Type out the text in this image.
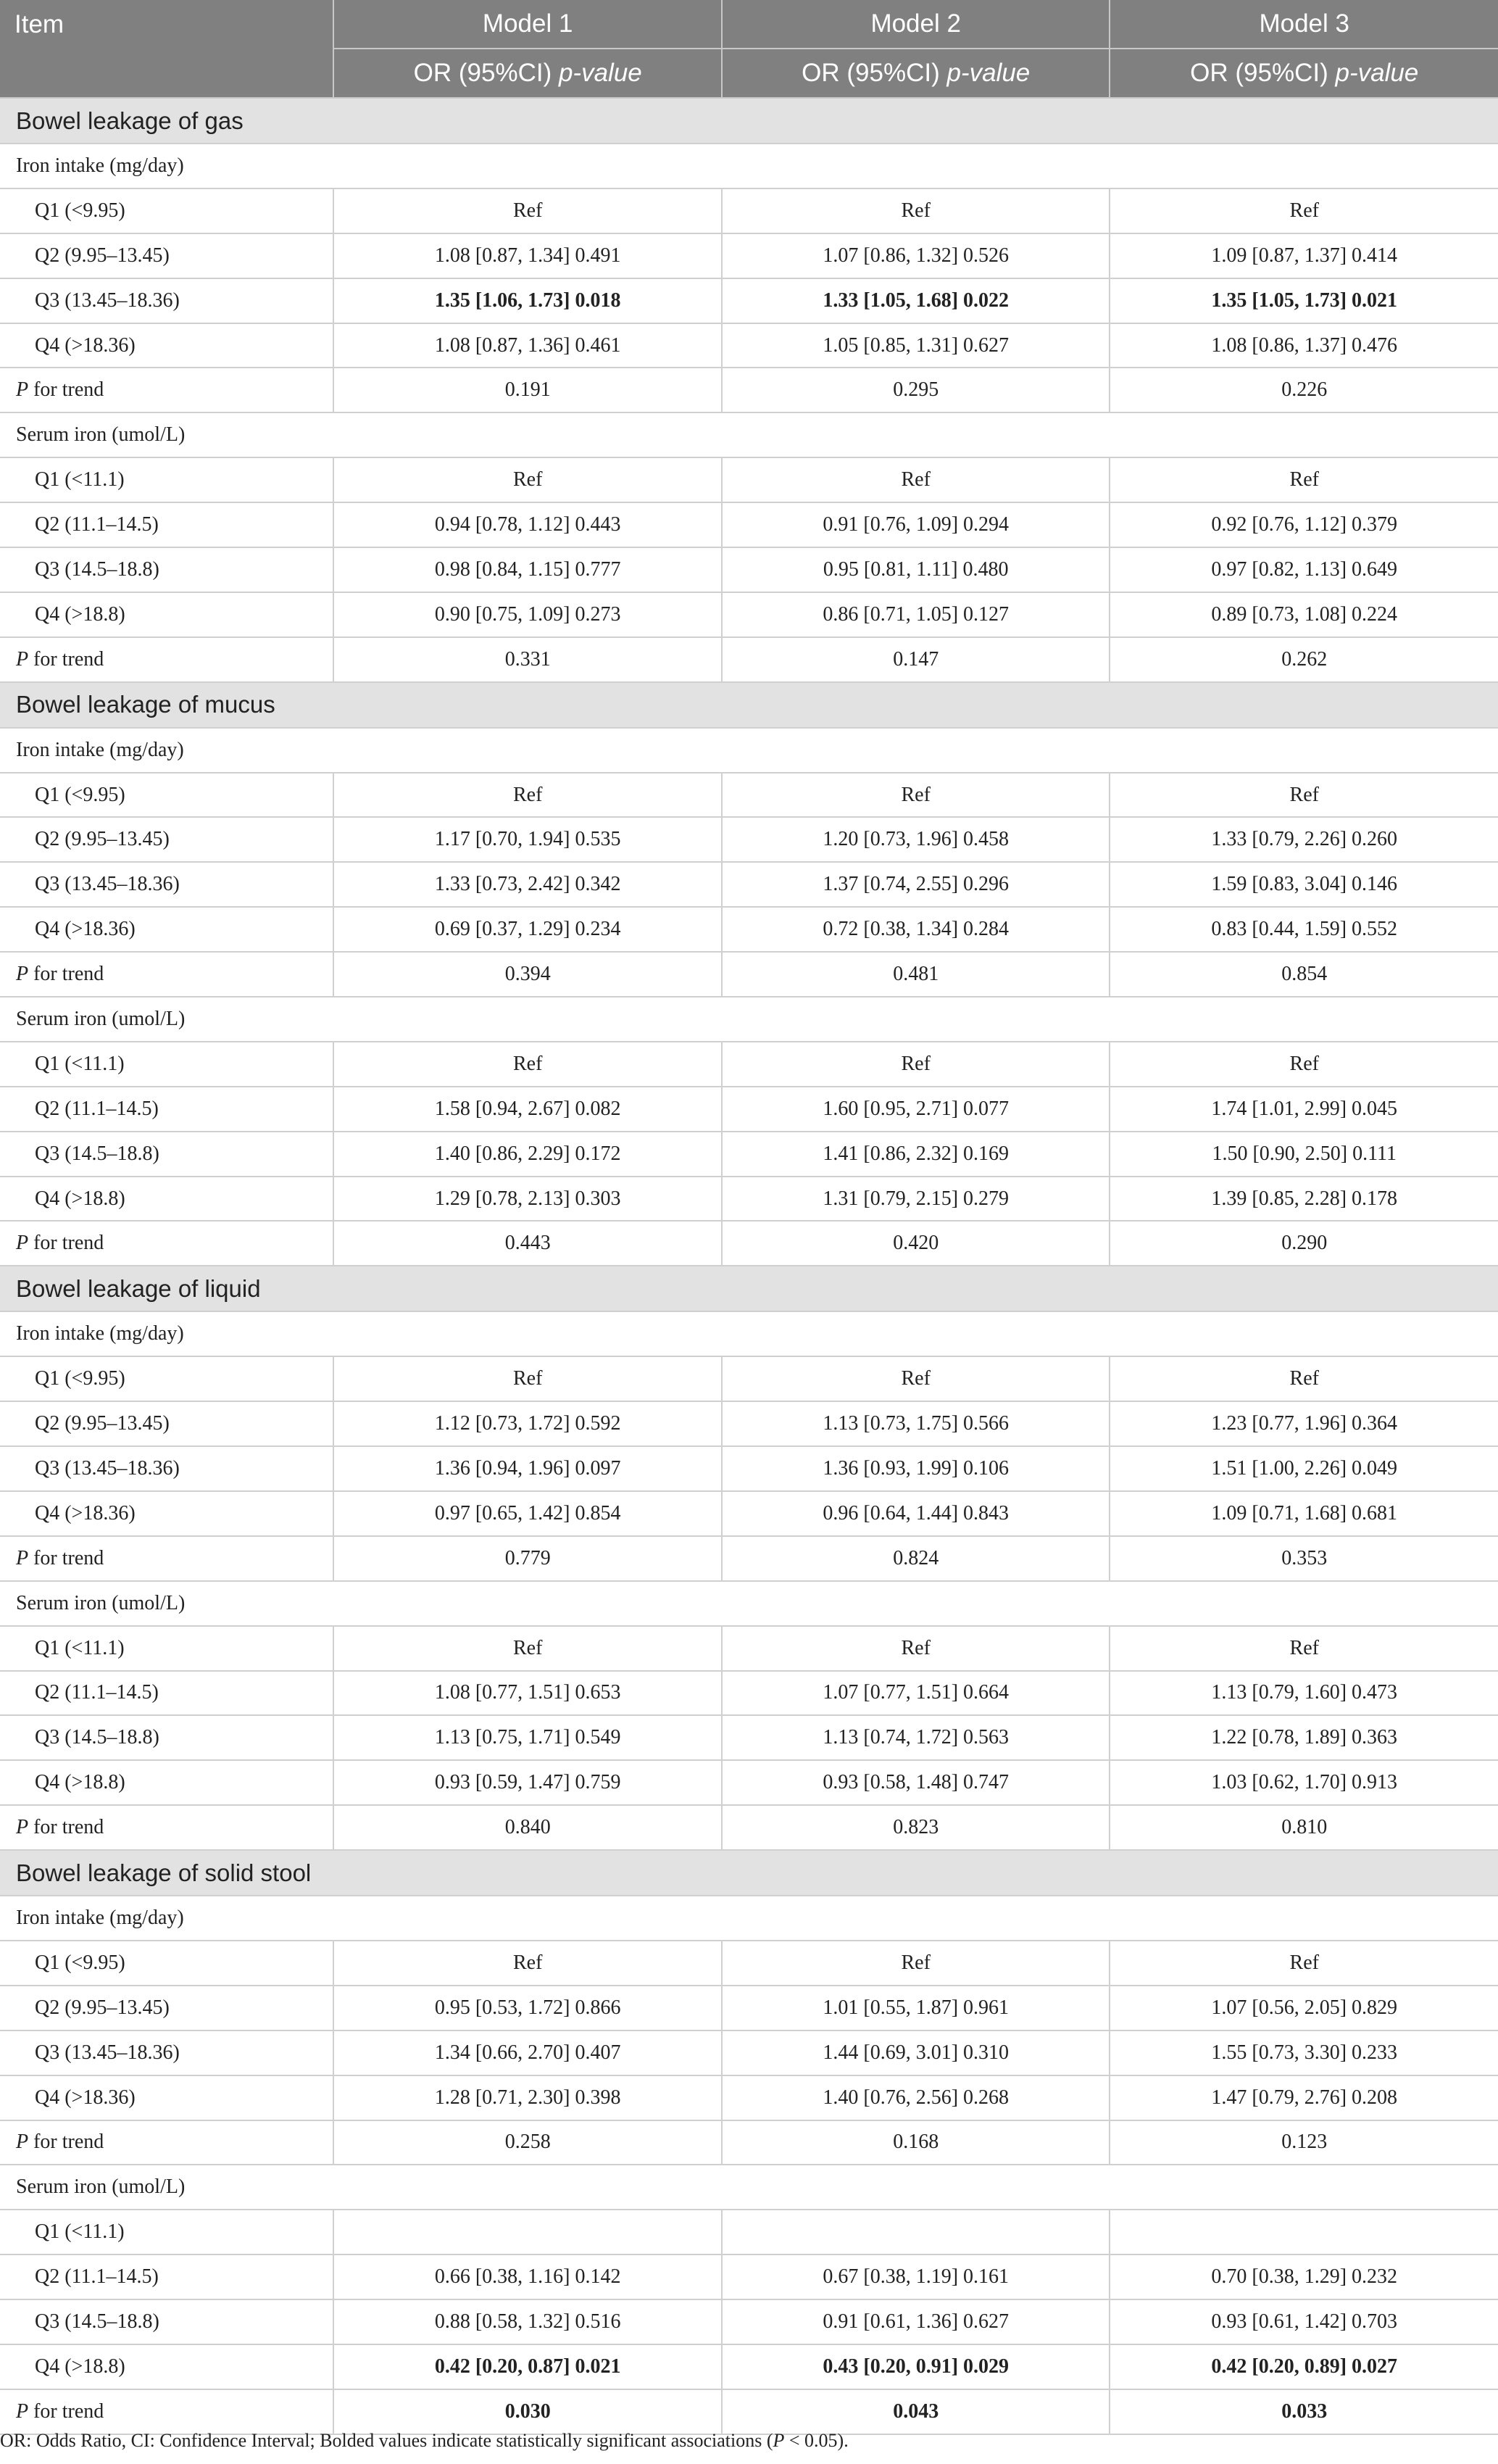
Item	Model 1	Model 2	Model 3
	OR (95%CI) p-value	OR (95%CI) p-value	OR (95%CI) p-value
Bowel leakage of gas			
Iron intake (mg/day)			
Q1 (<9.95)	Ref	Ref	Ref
Q2 (9.95–13.45)	1.08 [0.87, 1.34] 0.491	1.07 [0.86, 1.32] 0.526	1.09 [0.87, 1.37] 0.414
Q3 (13.45–18.36)	1.35 [1.06, 1.73] 0.018	1.33 [1.05, 1.68] 0.022	1.35 [1.05, 1.73] 0.021
Q4 (>18.36)	1.08 [0.87, 1.36] 0.461	1.05 [0.85, 1.31] 0.627	1.08 [0.86, 1.37] 0.476
P for trend	0.191	0.295	0.226
Serum iron (umol/L)			
Q1 (<11.1)	Ref	Ref	Ref
Q2 (11.1–14.5)	0.94 [0.78, 1.12] 0.443	0.91 [0.76, 1.09] 0.294	0.92 [0.76, 1.12] 0.379
Q3 (14.5–18.8)	0.98 [0.84, 1.15] 0.777	0.95 [0.81, 1.11] 0.480	0.97 [0.82, 1.13] 0.649
Q4 (>18.8)	0.90 [0.75, 1.09] 0.273	0.86 [0.71, 1.05] 0.127	0.89 [0.73, 1.08] 0.224
P for trend	0.331	0.147	0.262
Bowel leakage of mucus			
Iron intake (mg/day)			
Q1 (<9.95)	Ref	Ref	Ref
Q2 (9.95–13.45)	1.17 [0.70, 1.94] 0.535	1.20 [0.73, 1.96] 0.458	1.33 [0.79, 2.26] 0.260
Q3 (13.45–18.36)	1.33 [0.73, 2.42] 0.342	1.37 [0.74, 2.55] 0.296	1.59 [0.83, 3.04] 0.146
Q4 (>18.36)	0.69 [0.37, 1.29] 0.234	0.72 [0.38, 1.34] 0.284	0.83 [0.44, 1.59] 0.552
P for trend	0.394	0.481	0.854
Serum iron (umol/L)			
Q1 (<11.1)	Ref	Ref	Ref
Q2 (11.1–14.5)	1.58 [0.94, 2.67] 0.082	1.60 [0.95, 2.71] 0.077	1.74 [1.01, 2.99] 0.045
Q3 (14.5–18.8)	1.40 [0.86, 2.29] 0.172	1.41 [0.86, 2.32] 0.169	1.50 [0.90, 2.50] 0.111
Q4 (>18.8)	1.29 [0.78, 2.13] 0.303	1.31 [0.79, 2.15] 0.279	1.39 [0.85, 2.28] 0.178
P for trend	0.443	0.420	0.290
Bowel leakage of liquid			
Iron intake (mg/day)			
Q1 (<9.95)	Ref	Ref	Ref
Q2 (9.95–13.45)	1.12 [0.73, 1.72] 0.592	1.13 [0.73, 1.75] 0.566	1.23 [0.77, 1.96] 0.364
Q3 (13.45–18.36)	1.36 [0.94, 1.96] 0.097	1.36 [0.93, 1.99] 0.106	1.51 [1.00, 2.26] 0.049
Q4 (>18.36)	0.97 [0.65, 1.42] 0.854	0.96 [0.64, 1.44] 0.843	1.09 [0.71, 1.68] 0.681
P for trend	0.779	0.824	0.353
Serum iron (umol/L)			
Q1 (<11.1)	Ref	Ref	Ref
Q2 (11.1–14.5)	1.08 [0.77, 1.51] 0.653	1.07 [0.77, 1.51] 0.664	1.13 [0.79, 1.60] 0.473
Q3 (14.5–18.8)	1.13 [0.75, 1.71] 0.549	1.13 [0.74, 1.72] 0.563	1.22 [0.78, 1.89] 0.363
Q4 (>18.8)	0.93 [0.59, 1.47] 0.759	0.93 [0.58, 1.48] 0.747	1.03 [0.62, 1.70] 0.913
P for trend	0.840	0.823	0.810
Bowel leakage of solid stool			
Iron intake (mg/day)			
Q1 (<9.95)	Ref	Ref	Ref
Q2 (9.95–13.45)	0.95 [0.53, 1.72] 0.866	1.01 [0.55, 1.87] 0.961	1.07 [0.56, 2.05] 0.829
Q3 (13.45–18.36)	1.34 [0.66, 2.70] 0.407	1.44 [0.69, 3.01] 0.310	1.55 [0.73, 3.30] 0.233
Q4 (>18.36)	1.28 [0.71, 2.30] 0.398	1.40 [0.76, 2.56] 0.268	1.47 [0.79, 2.76] 0.208
P for trend	0.258	0.168	0.123
Serum iron (umol/L)			
Q1 (<11.1)			
Q2 (11.1–14.5)	0.66 [0.38, 1.16] 0.142	0.67 [0.38, 1.19] 0.161	0.70 [0.38, 1.29] 0.232
Q3 (14.5–18.8)	0.88 [0.58, 1.32] 0.516	0.91 [0.61, 1.36] 0.627	0.93 [0.61, 1.42] 0.703
Q4 (>18.8)	0.42 [0.20, 0.87] 0.021	0.43 [0.20, 0.91] 0.029	0.42 [0.20, 0.89] 0.027
P for trend	0.030	0.043	0.033
OR: Odds Ratio, CI: Confidence Interval; Bolded values indicate statistically significant associations (P < 0.05).
